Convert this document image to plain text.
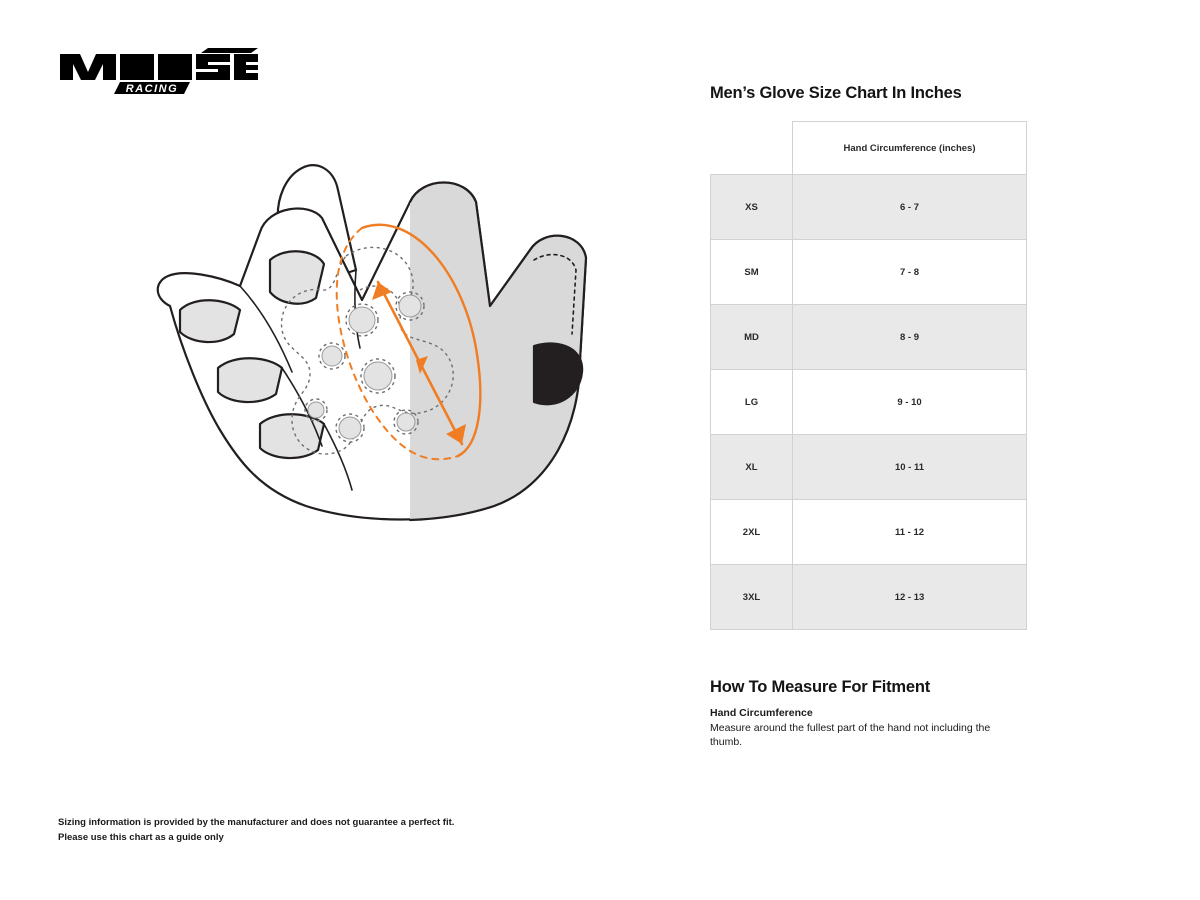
RACING	Men’s Glove Size Chart In Inches
	Hand Circumference (inches)
XS	6 - 7
SM	7 - 8
MD	8 - 9
LG	9 - 10
XL	10 - 11
2XL	11 - 12
3XL	12 - 13
How To Measure For Fitment

Hand Circumference

Measure around the fullest part of the hand not including the thumb.

Sizing information is provided by the manufacturer and does not guarantee a perfect fit.
Please use this chart as a guide only
